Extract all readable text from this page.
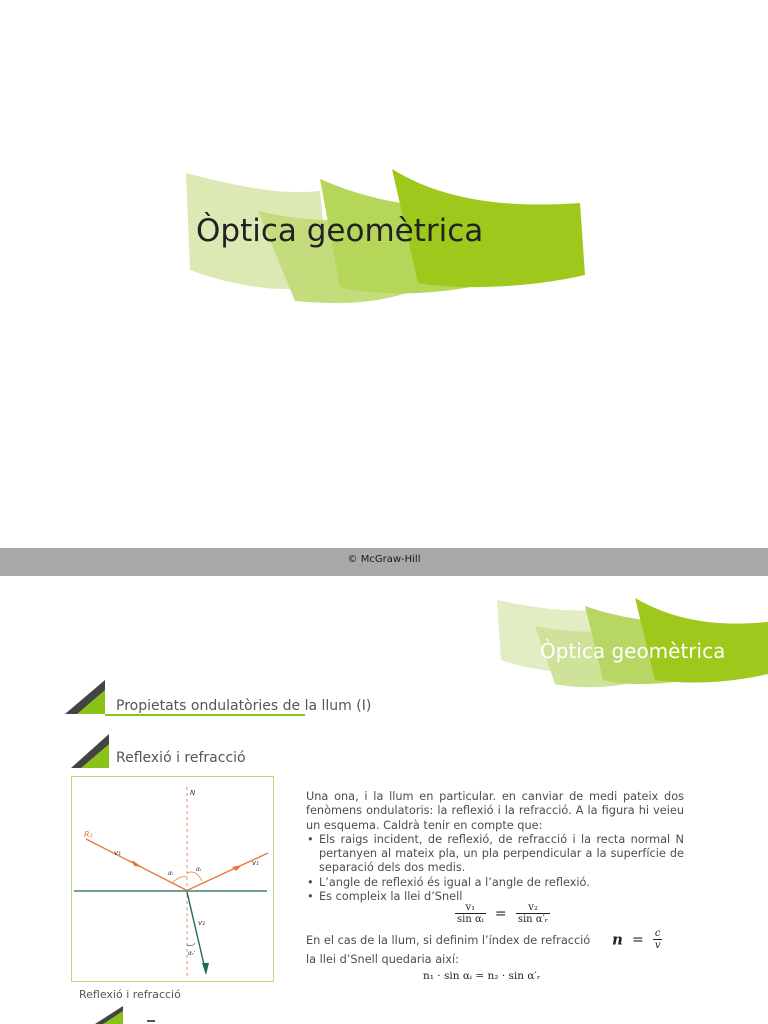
Òptica geomètrica
© McGraw-Hill
Òptica geomètrica
Propietats ondulatòries de la llum (I)
Reflexió i refracció
N
R₁
v₁
v₁
v₂
αᵢ
αᵣ
αᵣ'
Reflexió i refracció
Una ona, i la llum en particular. en canviar de medi pateix dos fenòmens ondulatoris: la reflexió i la refracció. A la figura hi veieu un esquema. Caldrà tenir en compte que:
• Els raigs incident, de reflexió, de refracció i la recta normal N pertanyen al mateix pla, un pla perpendicular a la superfície de separació dels dos medis.
• L’angle de reflexió és igual a l’angle de reflexió.
• Es compleix la llei d’Snell
$\frac{\text{v₁}}{\text{sin αᵢ}} = \frac{\text{v₂}}{\text{sin α′ᵣ}}$
En el cas de la llum, si definim l’índex de refracció $n = \frac{c}{v}$
la llei d’Snell quedaria així:
n₁ · sin αᵢ = n₂ · sin α′ᵣ
